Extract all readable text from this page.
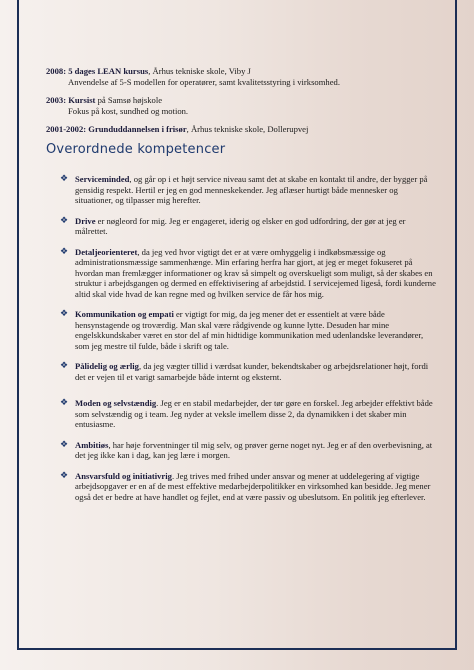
2008: 5 dages LEAN kursus, Århus tekniske skole, Viby J
Anvendelse af 5-S modellen for operatører, samt kvalitetsstyring i virksomhed.
2003: Kursist på Samsø højskole
Fokus på kost, sundhed og motion.
2001-2002: Grunduddannelsen i frisør, Århus tekniske skole, Dollerupvej
Overordnede kompetencer
❖ Serviceminded, og går op i et højt service niveau samt det at skabe en kontakt til andre, der bygger på gensidig respekt. Hertil er jeg en god menneskekender. Jeg aflæser hurtigt både mennesker og situationer, og tilpasser mig herefter.
❖ Drive er nøgleord for mig. Jeg er engageret, iderig og elsker en god udfordring, der gør at jeg er målrettet.
❖ Detaljeorienteret, da jeg ved hvor vigtigt det er at være omhyggelig i indkøbsmæssige og administrationsmæssige sammenhænge. Min erfaring herfra har gjort, at jeg er meget fokuseret på hvordan man fremlægger informationer og krav så simpelt og overskueligt som muligt, så der skabes en struktur i arbejdsgangen og dermed en effektivisering af arbejdstid. I servicejemed ligeså, fordi kunderne altid skal vide hvad de kan regne med og hvilken service de får hos mig.
❖ Kommunikation og empati er vigtigt for mig, da jeg mener det er essentielt at være både hensynstagende og troværdig. Man skal være rådgivende og kunne lytte. Desuden har mine engelskkundskaber været en stor del af min hidtidige kommunikation med udenlandske leverandører, som jeg mestre til fulde, både i skrift og tale.
❖ Pålidelig og ærlig, da jeg vægter tillid i værdsat kunder, bekendtskaber og arbejdsrelationer højt, fordi det er vejen til et varigt samarbejde både internt og eksternt.
❖ Moden og selvstændig. Jeg er en stabil medarbejder, der tør gøre en forskel. Jeg arbejder effektivt både som selvstændig og i team. Jeg nyder at veksle imellem disse 2, da dynamikken i det skaber min entusiasme.
❖ Ambitiøs, har høje forventninger til mig selv, og prøver gerne noget nyt. Jeg er af den overbevisning, at det jeg ikke kan i dag, kan jeg lære i morgen.
❖ Ansvarsfuld og initiativrig. Jeg trives med frihed under ansvar og mener at uddelegering af vigtige arbejdsopgaver er en af de mest effektive medarbejderpolitikker en virksomhed kan besidde. Jeg mener også det er bedre at have handlet og fejlet, end at være passiv og ubeslutsom. En politik jeg efterlever.
